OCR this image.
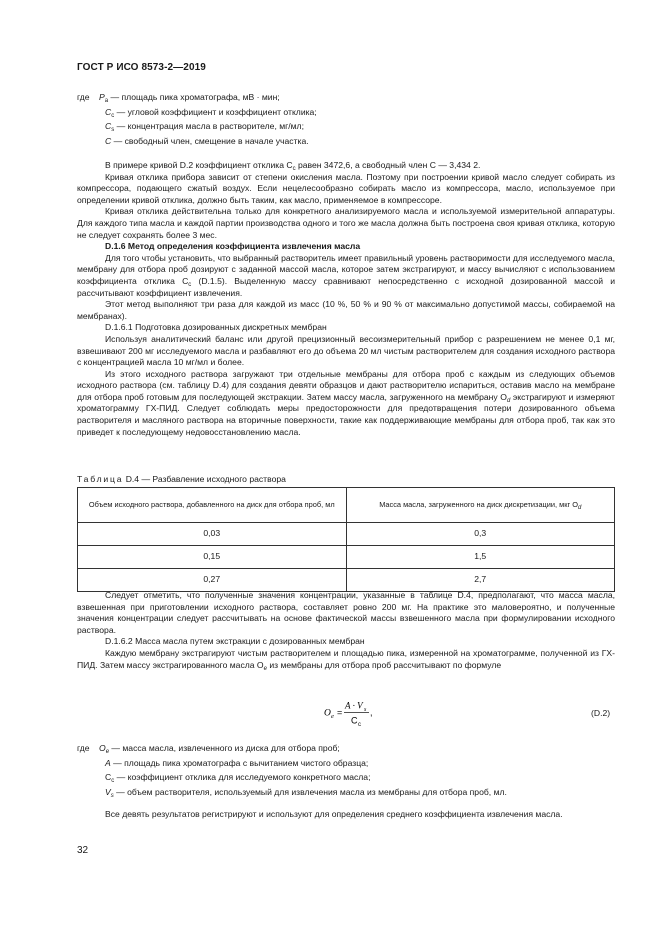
ГОСТ Р ИСО 8573-2—2019
где $P_a$ — площадь пика хроматографа, мВ · мин;
$C_c$ — угловой коэффициент и коэффициент отклика;
$C_s$ — концентрация масла в растворителе, мг/мл;
C — свободный член, смещение в начале участка.

В примере кривой D.2 коэффициент отклика $C_c$ равен 3472,6, а свободный член C — 3,434 2.

Кривая отклика прибора зависит от степени окисления масла. Поэтому при построении кривой масло следует собирать из компрессора, подающего сжатый воздух. Если нецелесообразно собирать масло из компрессора, масло, используемое при определении кривой отклика, должно быть таким, как масло, применяемое в компрессоре.

Кривая отклика действительна только для конкретного анализируемого масла и используемой измерительной аппаратуры. Для каждого типа масла и каждой партии производства одного и того же масла должна быть построена своя кривая отклика, которую не следует сохранять более 3 мес.

D.1.6 Метод определения коэффициента извлечения масла

Для того чтобы установить, что выбранный растворитель имеет правильный уровень растворимости для исследуемого масла, мембрану для отбора проб дозируют с заданной массой масла, которое затем экстрагируют, и массу вычисляют с использованием коэффициента отклика $C_c$ (D.1.5). Выделенную массу сравнивают непосредственно с исходной дозированной массой и рассчитывают коэффициент извлечения.

Этот метод выполняют три раза для каждой из масс (10 %, 50 % и 90 % от максимально допустимой массы, собираемой на мембранах).

D.1.6.1 Подготовка дозированных дискретных мембран

Используя аналитический баланс или другой прецизионный весоизмерительный прибор с разрешением не менее 0,1 мг, взвешивают 200 мг исследуемого масла и разбавляют его до объема 20 мл чистым растворителем для создания исходного раствора с концентрацией масла 10 мг/мл и более.

Из этого исходного раствора загружают три отдельные мембраны для отбора проб с каждым из следующих объемов исходного раствора (см. таблицу D.4) для создания девяти образцов и дают растворителю испариться, оставив масло на мембране для отбора проб готовым для последующей экстракции. Затем массу масла, загруженного на мембрану $O_d$ экстрагируют и измеряют хроматограмму ГХ-ПИД. Следует соблюдать меры предосторожности для предотвращения потери дозированного объема растворителя и масляного раствора на вторичные поверхности, такие как поддерживающие мембраны для отбора проб, так как это приведет к последующему недовосстановлению масла.

Таблица D.4 — Разбавление исходного раствора
Объем исходного раствора, добавленного на диск для отбора проб, мл	Масса масла, загруженного на диск дискретизации, мкг $O_d$
0,03	0,3
0,15	1,5
0,27	2,7

Следует отметить, что полученные значения концентрации, указанные в таблице D.4, предполагают, что масса масла, взвешенная при приготовлении исходного раствора, составляет ровно 200 мг. На практике это маловероятно, и полученные значения концентрации следует рассчитывать на основе фактической массы взвешенного масла при формулировании исходного раствора.

D.1.6.2 Масса масла путем экстракции с дозированных мембран

Каждую мембрану экстрагируют чистым растворителем и площадью пика, измеренной на хроматограмме, полученной из ГХ-ПИД. Затем массу экстрагированного масла $O_e$ из мембраны для отбора проб рассчитывают по формуле

O e =
A · V s
C c
,	(D.2)
где $O_e$ — масса масла, извлеченного из диска для отбора проб;
A — площадь пика хроматографа с вычитанием чистого образца;
$C_c$ — коэффициент отклика для исследуемого конкретного масла;
$V_s$ — объем растворителя, используемый для извлечения масла из мембраны для отбора проб, мл.

Все девять результатов регистрируют и используют для определения среднего коэффициента извлечения масла.

32
